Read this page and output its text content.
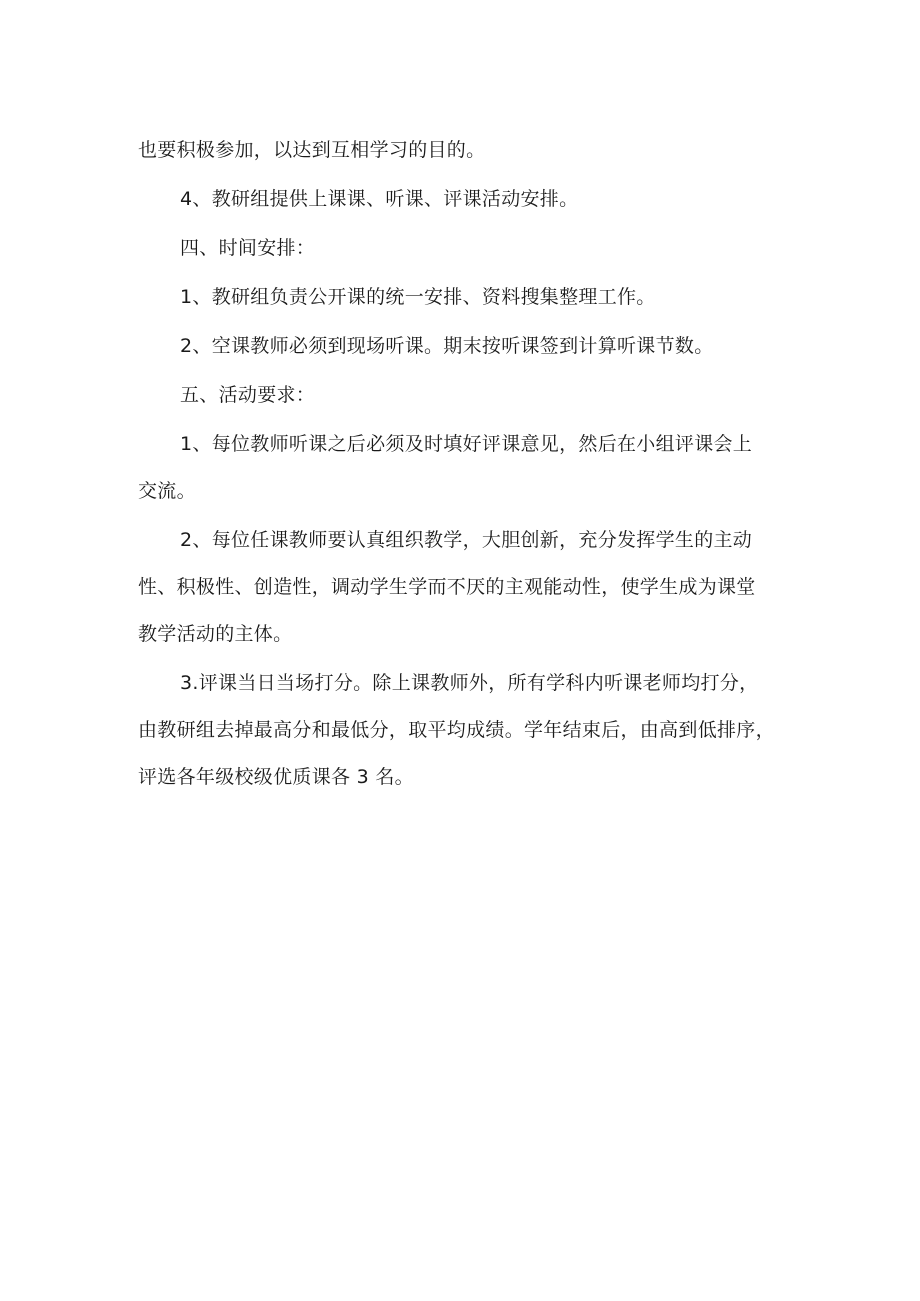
也要积极参加，以达到互相学习的目的。
4、教研组提供上课课、听课、评课活动安排。
四、时间安排：
1、教研组负责公开课的统一安排、资料搜集整理工作。
2、空课教师必须到现场听课。期末按听课签到计算听课节数。
五、活动要求：
1、每位教师听课之后必须及时填好评课意见，然后在小组评课会上
交流。
2、每位任课教师要认真组织教学，大胆创新，充分发挥学生的主动
性、积极性、创造性，调动学生学而不厌的主观能动性，使学生成为课堂
教学活动的主体。
3.评课当日当场打分。除上课教师外，所有学科内听课老师均打分，
由教研组去掉最高分和最低分，取平均成绩。学年结束后，由高到低排序，
评选各年级校级优质课各 3 名。
